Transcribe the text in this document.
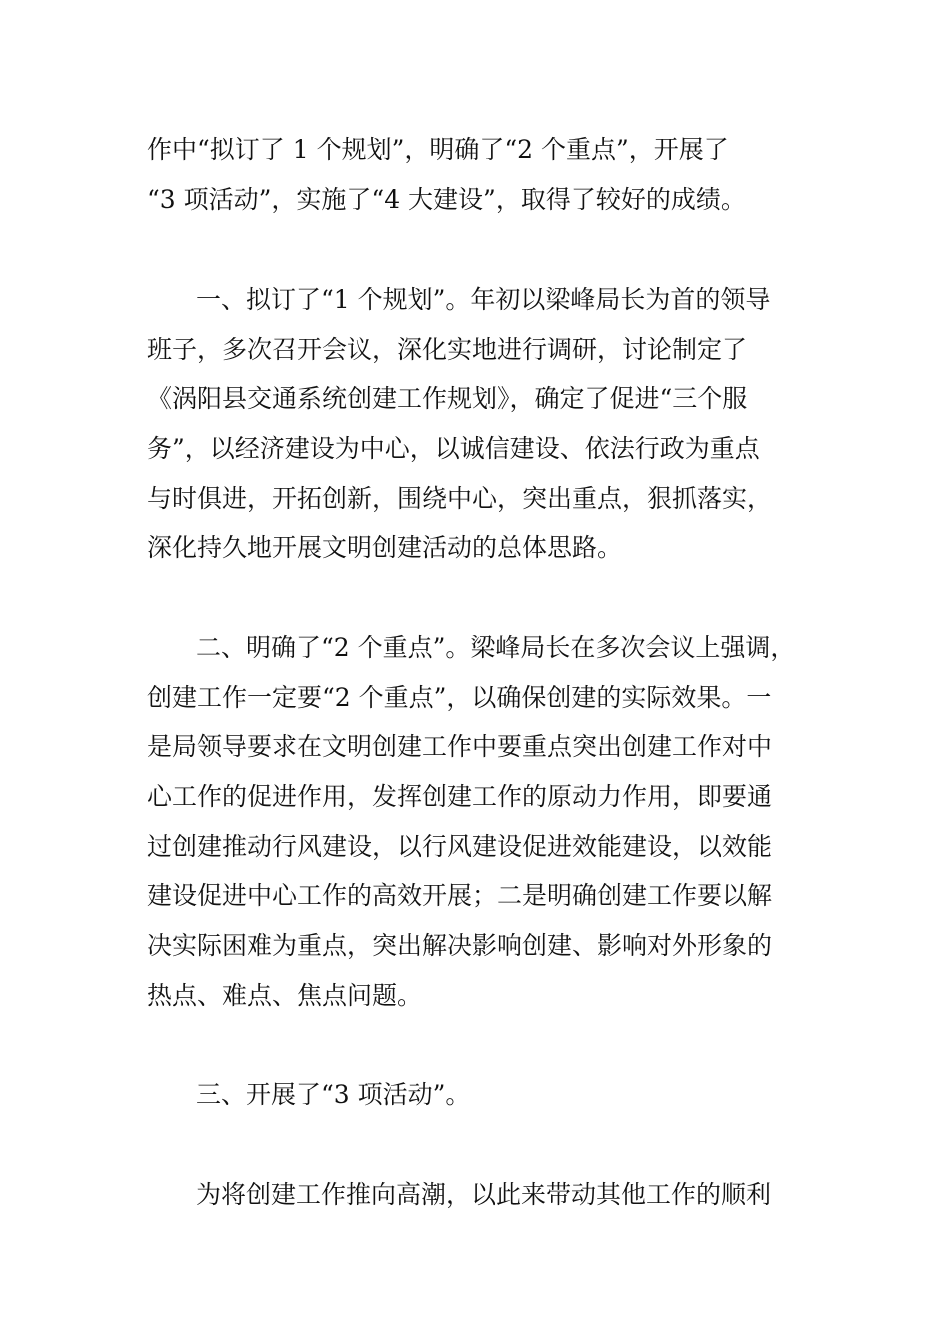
作中“拟订了 1 个规划”，明确了“2 个重点”，开展了
“3 项活动”，实施了“4 大建设”，取得了较好的成绩。
一、拟订了“1 个规划”。年初以梁峰局长为首的领导
班子，多次召开会议，深化实地进行调研，讨论制定了
《涡阳县交通系统创建工作规划》，确定了促进“三个服
务”，以经济建设为中心，以诚信建设、依法行政为重点
与时俱进，开拓创新，围绕中心，突出重点，狠抓落实，
深化持久地开展文明创建活动的总体思路。
二、明确了“2 个重点”。梁峰局长在多次会议上强调，
创建工作一定要“2 个重点”，以确保创建的实际效果。一
是局领导要求在文明创建工作中要重点突出创建工作对中
心工作的促进作用，发挥创建工作的原动力作用，即要通
过创建推动行风建设，以行风建设促进效能建设，以效能
建设促进中心工作的高效开展；二是明确创建工作要以解
决实际困难为重点，突出解决影响创建、影响对外形象的
热点、难点、焦点问题。
三、开展了“3 项活动”。
为将创建工作推向高潮，以此来带动其他工作的顺利
